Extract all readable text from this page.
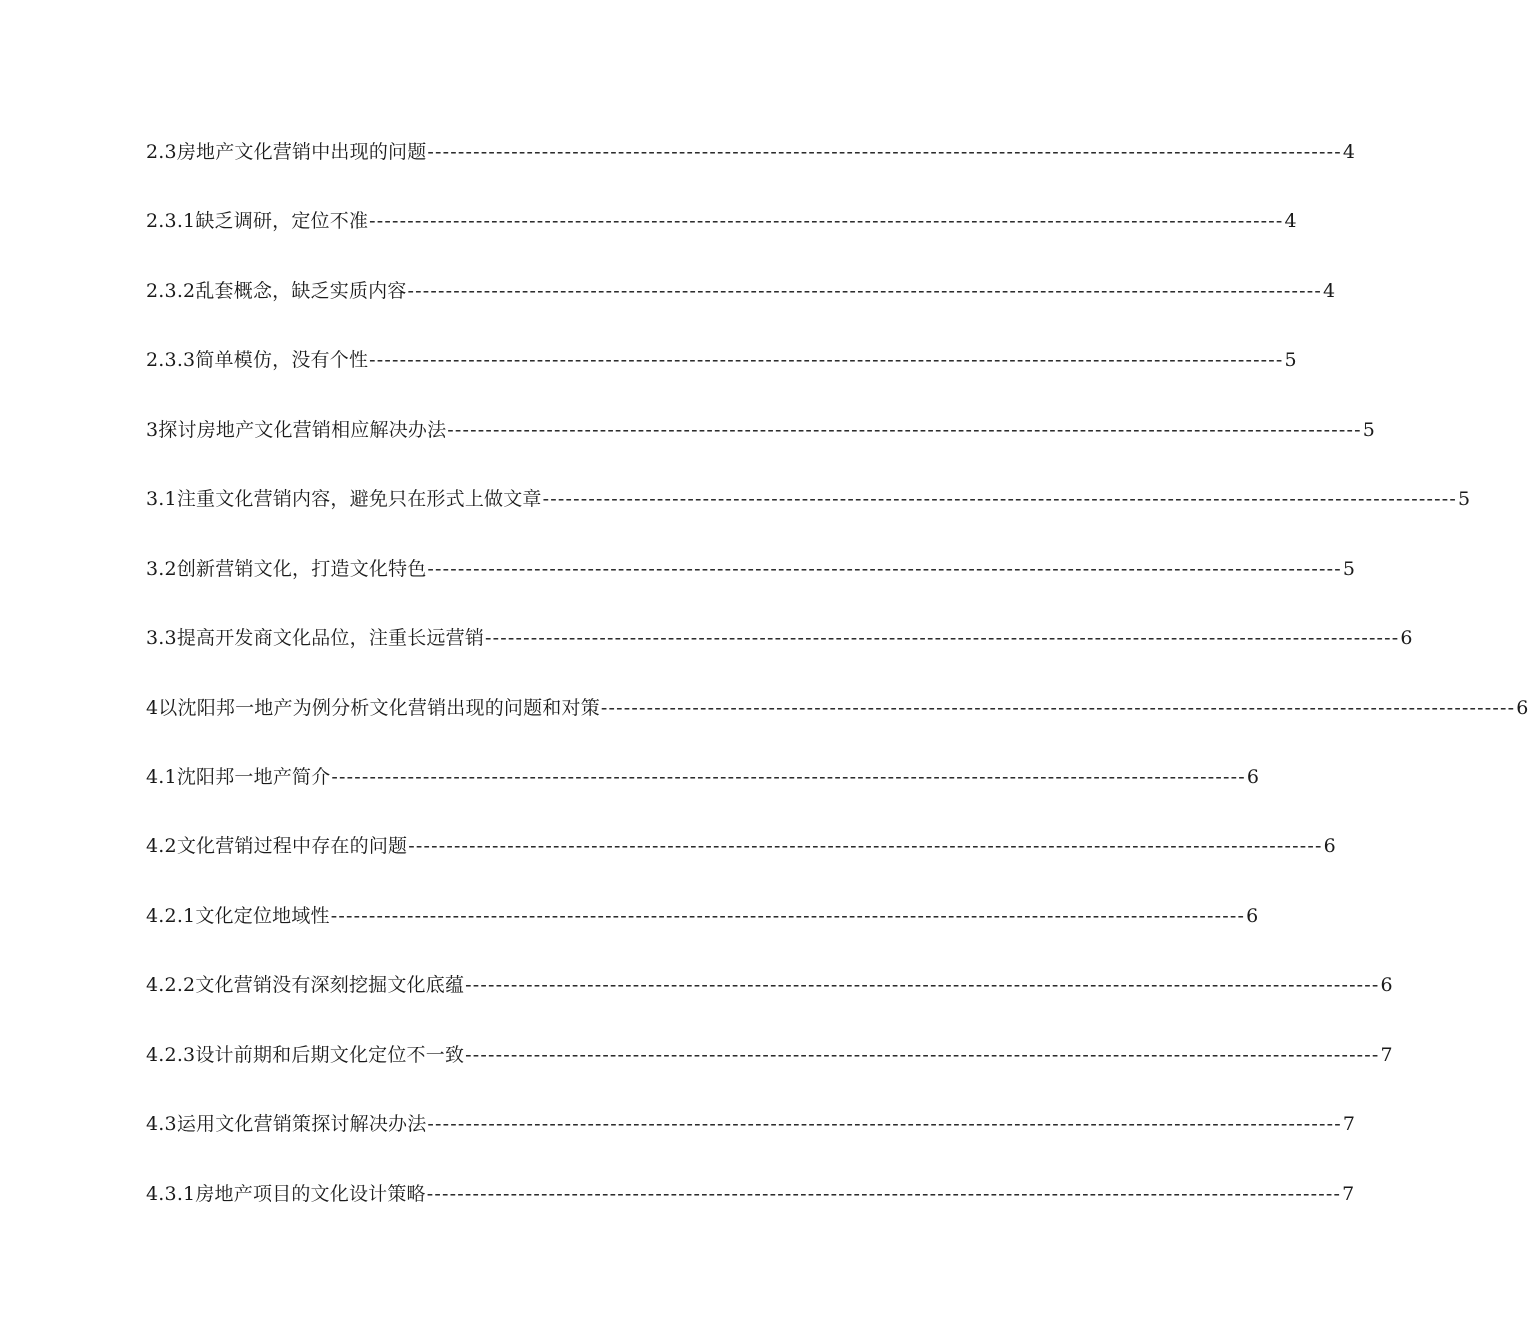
2.3房地产文化营销中出现的问题 ------------------------------------------------------------------------------------------------------------------------ 4
2.3.1缺乏调研，定位不准 ------------------------------------------------------------------------------------------------------------------------ 4
2.3.2乱套概念，缺乏实质内容 ------------------------------------------------------------------------------------------------------------------------ 4
2.3.3简单模仿，没有个性 ------------------------------------------------------------------------------------------------------------------------ 5
3探讨房地产文化营销相应解决办法 ------------------------------------------------------------------------------------------------------------------------ 5
3.1注重文化营销内容，避免只在形式上做文章 ------------------------------------------------------------------------------------------------------------------------ 5
3.2创新营销文化，打造文化特色 ------------------------------------------------------------------------------------------------------------------------ 5
3.3提高开发商文化品位，注重长远营销 ------------------------------------------------------------------------------------------------------------------------ 6
4以沈阳邦一地产为例分析文化营销出现的问题和对策 ------------------------------------------------------------------------------------------------------------------------ 6
4.1沈阳邦一地产简介 ------------------------------------------------------------------------------------------------------------------------ 6
4.2文化营销过程中存在的问题 ------------------------------------------------------------------------------------------------------------------------ 6
4.2.1文化定位地域性 ------------------------------------------------------------------------------------------------------------------------ 6
4.2.2文化营销没有深刻挖掘文化底蕴 ------------------------------------------------------------------------------------------------------------------------ 6
4.2.3设计前期和后期文化定位不一致 ------------------------------------------------------------------------------------------------------------------------ 7
4.3运用文化营销策探讨解决办法 ------------------------------------------------------------------------------------------------------------------------ 7
4.3.1房地产项目的文化设计策略 ------------------------------------------------------------------------------------------------------------------------ 7
